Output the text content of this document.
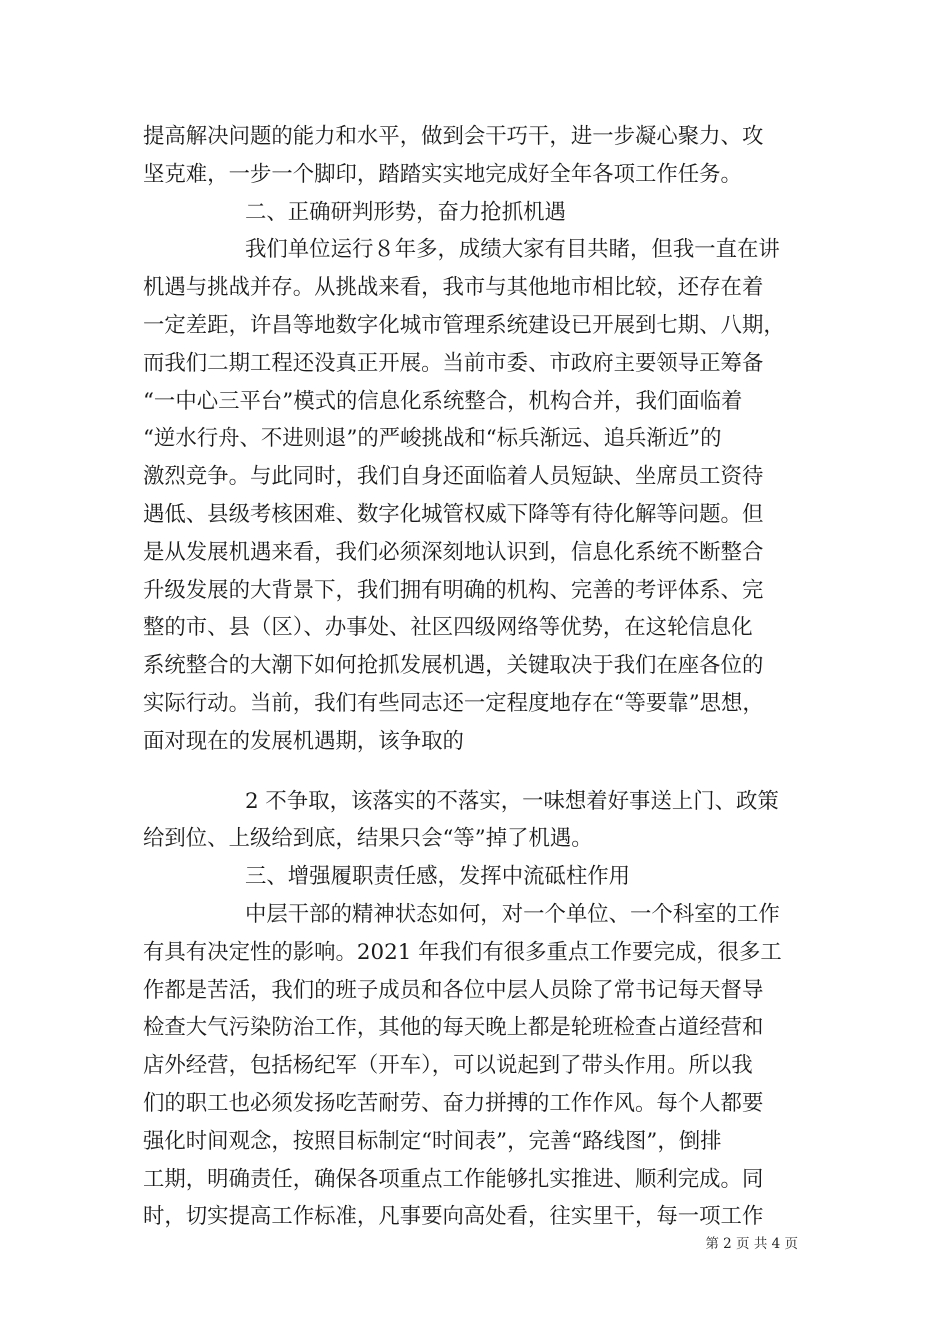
提高解决问题的能力和水平，做到会干巧干，进一步凝心聚力、攻
坚克难，一步一个脚印，踏踏实实地完成好全年各项工作任务。
二、正确研判形势，奋力抢抓机遇
我们单位运行８年多，成绩大家有目共睹，但我一直在讲
机遇与挑战并存。从挑战来看，我市与其他地市相比较，还存在着
一定差距，许昌等地数字化城市管理系统建设已开展到七期、八期，
而我们二期工程还没真正开展。当前市委、市政府主要领导正筹备
“一中心三平台”模式的信息化系统整合，机构合并，我们面临着
“逆水行舟、不进则退”的严峻挑战和“标兵渐远、追兵渐近”的
激烈竞争。与此同时，我们自身还面临着人员短缺、坐席员工资待
遇低、县级考核困难、数字化城管权威下降等有待化解等问题。但
是从发展机遇来看，我们必须深刻地认识到，信息化系统不断整合
升级发展的大背景下，我们拥有明确的机构、完善的考评体系、完
整的市、县（区）、办事处、社区四级网络等优势，在这轮信息化
系统整合的大潮下如何抢抓发展机遇，关键取决于我们在座各位的
实际行动。当前，我们有些同志还一定程度地存在“等要靠”思想，
面对现在的发展机遇期，该争取的
2 不争取，该落实的不落实，一味想着好事送上门、政策
给到位、上级给到底，结果只会“等”掉了机遇。
三、增强履职责任感，发挥中流砥柱作用
中层干部的精神状态如何，对一个单位、一个科室的工作
有具有决定性的影响。2021 年我们有很多重点工作要完成，很多工
作都是苦活，我们的班子成员和各位中层人员除了常书记每天督导
检查大气污染防治工作，其他的每天晚上都是轮班检查占道经营和
店外经营，包括杨纪军（开车），可以说起到了带头作用。所以我
们的职工也必须发扬吃苦耐劳、奋力拼搏的工作作风。每个人都要
强化时间观念，按照目标制定“时间表”，完善“路线图”，倒排
工期，明确责任，确保各项重点工作能够扎实推进、顺利完成。同
时，切实提高工作标准，凡事要向高处看，往实里干，每一项工作
第 2 页 共 4 页
